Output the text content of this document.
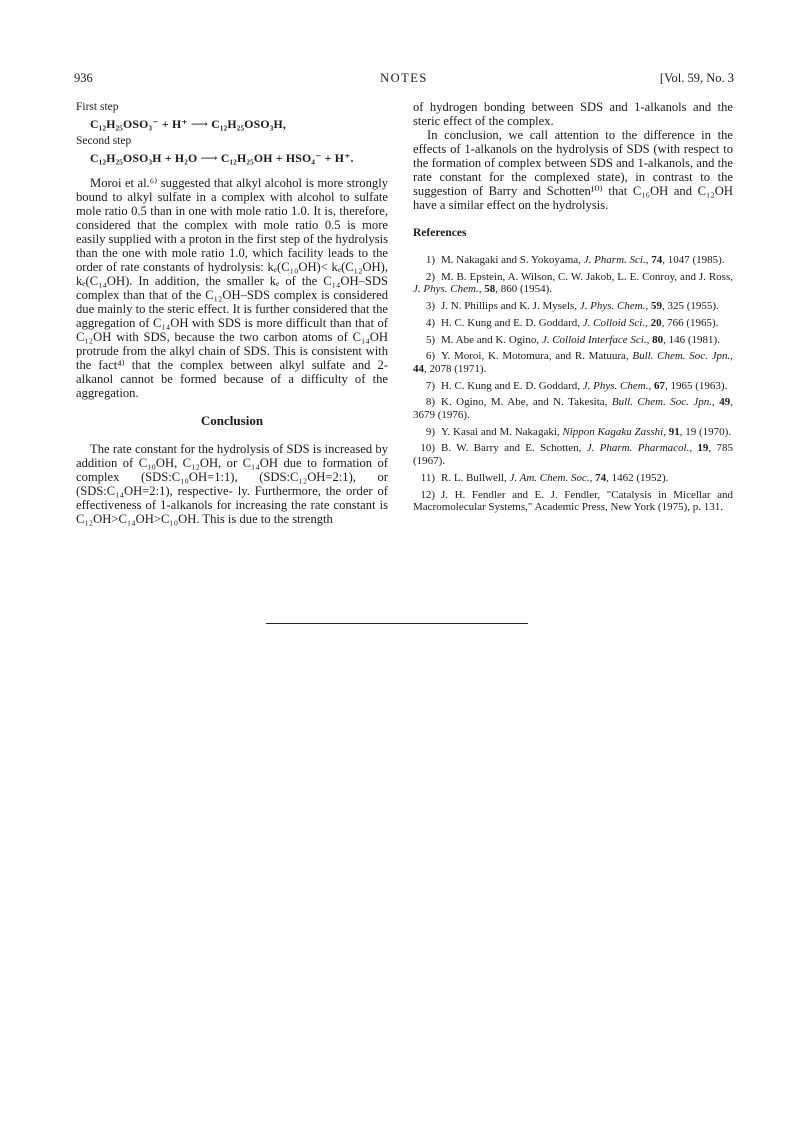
936	NOTES	[Vol. 59, No. 3

First step

C₁₂H₂₅OSO₃⁻ + H⁺ ⟶ C₁₂H₂₅OSO₃H,

Second step

C₁₂H₂₅OSO₃H + H₂O ⟶ C₁₂H₂₅OH + HSO₄⁻ + H⁺.

Moroi et al.⁶⁾ suggested that alkyl alcohol is more strongly bound to alkyl sulfate in a complex with alcohol to sulfate mole ratio 0.5 than in one with mole ratio 1.0. It is, therefore, considered that the complex with mole ratio 0.5 is more easily supplied with a proton in the first step of the hydrolysis than the one with mole ratio 1.0, which facility leads to the order of rate constants of hydrolysis: kₑ(C₁₀OH)< kₑ(C₁₂OH), kₑ(C₁₄OH). In addition, the smaller kₑ of the C₁₄OH–SDS complex than that of the C₁₂OH–SDS complex is considered due mainly to the steric effect. It is further considered that the aggregation of C₁₄OH with SDS is more difficult than that of C₁₂OH with SDS, because the two carbon atoms of C₁₄OH protrude from the alkyl chain of SDS. This is consistent with the fact⁴⁾ that the complex between alkyl sulfate and 2-alkanol cannot be formed because of a difficulty of the aggregation.

Conclusion

The rate constant for the hydrolysis of SDS is increased by addition of C₁₀OH, C₁₂OH, or C₁₄OH due to formation of complex (SDS:C₁₀OH=1:1), (SDS:C₁₂OH=2:1), or (SDS:C₁₄OH=2:1), respective- ly. Furthermore, the order of effectiveness of 1-alkanols for increasing the rate constant is C₁₂OH>C₁₄OH>C₁₀OH. This is due to the strength

of hydrogen bonding between SDS and 1-alkanols and the steric effect of the complex.

In conclusion, we call attention to the difference in the effects of 1-alkanols on the hydrolysis of SDS (with respect to the formation of complex between SDS and 1-alkanols, and the rate constant for the complexed state), in contrast to the suggestion of Barry and Schotten¹⁰⁾ that C₁₆OH and C₁₂OH have a similar effect on the hydrolysis.

References

1) M. Nakagaki and S. Yokoyama, J. Pharm. Sci., 74, 1047 (1985).

2) M. B. Epstein, A. Wilson, C. W. Jakob, L. E. Conroy, and J. Ross, J. Phys. Chem., 58, 860 (1954).

3) J. N. Phillips and K. J. Mysels, J. Phys. Chem., 59, 325 (1955).

4) H. C. Kung and E. D. Goddard, J. Colloid Sci., 20, 766 (1965).

5) M. Abe and K. Ogino, J. Colloid Interface Sci., 80, 146 (1981).

6) Y. Moroi, K. Motomura, and R. Matuura, Bull. Chem. Soc. Jpn., 44, 2078 (1971).

7) H. C. Kung and E. D. Goddard, J. Phys. Chem., 67, 1965 (1963).

8) K. Ogino, M. Abe, and N. Takesita, Bull. Chem. Soc. Jpn., 49, 3679 (1976).

9) Y. Kasai and M. Nakagaki, Nippon Kagaku Zasshi, 91, 19 (1970).

10) B. W. Barry and E. Schotten, J. Pharm. Pharmacol., 19, 785 (1967).

11) R. L. Bullwell, J. Am. Chem. Soc., 74, 1462 (1952).

12) J. H. Fendler and E. J. Fendler, "Catalysis in Micellar and Macromolecular Systems," Academic Press, New York (1975), p. 131.
